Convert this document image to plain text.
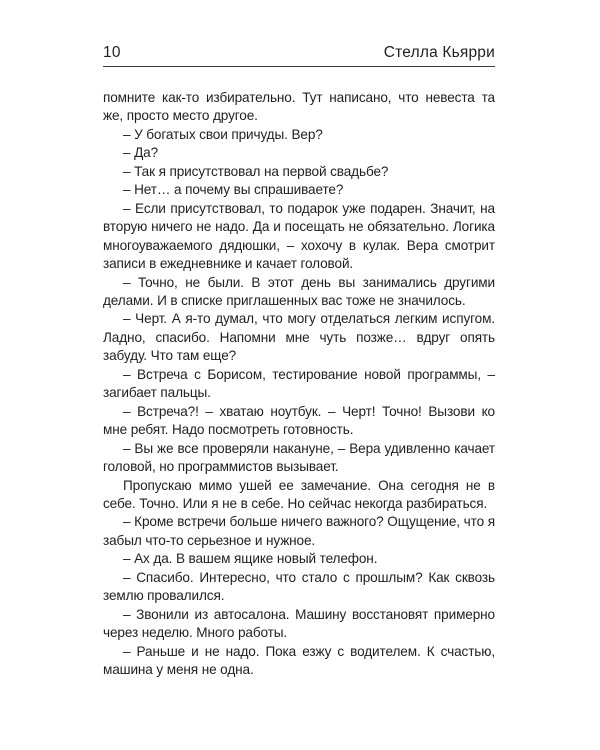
10	Стелла Кьярри

помните как-то избирательно. Тут написано, что невеста та же, просто место другое.

– У богатых свои причуды. Вер?

– Да?

– Так я присутствовал на первой свадьбе?

– Нет… а почему вы спрашиваете?

– Если присутствовал, то подарок уже подарен. Значит, на вторую ничего не надо. Да и посещать не обязательно. Логика многоуважаемого дядюшки, – хохочу в кулак. Вера смотрит записи в ежедневнике и качает головой.

– Точно, не были. В этот день вы занимались другими делами. И в списке приглашенных вас тоже не значилось.

– Черт. А я-то думал, что могу отделаться легким испугом. Ладно, спасибо. Напомни мне чуть позже… вдруг опять забуду. Что там еще?

– Встреча с Борисом, тестирование новой программы, – загибает пальцы.

– Встреча?! – хватаю ноутбук. – Черт! Точно! Вызови ко мне ребят. Надо посмотреть готовность.

– Вы же все проверяли накануне, – Вера удивленно качает головой, но программистов вызывает.

Пропускаю мимо ушей ее замечание. Она сегодня не в себе. Точно. Или я не в себе. Но сейчас некогда разбираться.

– Кроме встречи больше ничего важного? Ощущение, что я забыл что-то серьезное и нужное.

– Ах да. В вашем ящике новый телефон.

– Спасибо. Интересно, что стало с прошлым? Как сквозь землю провалился.

– Звонили из автосалона. Машину восстановят примерно через неделю. Много работы.

– Раньше и не надо. Пока езжу с водителем. К счастью, машина у меня не одна.
